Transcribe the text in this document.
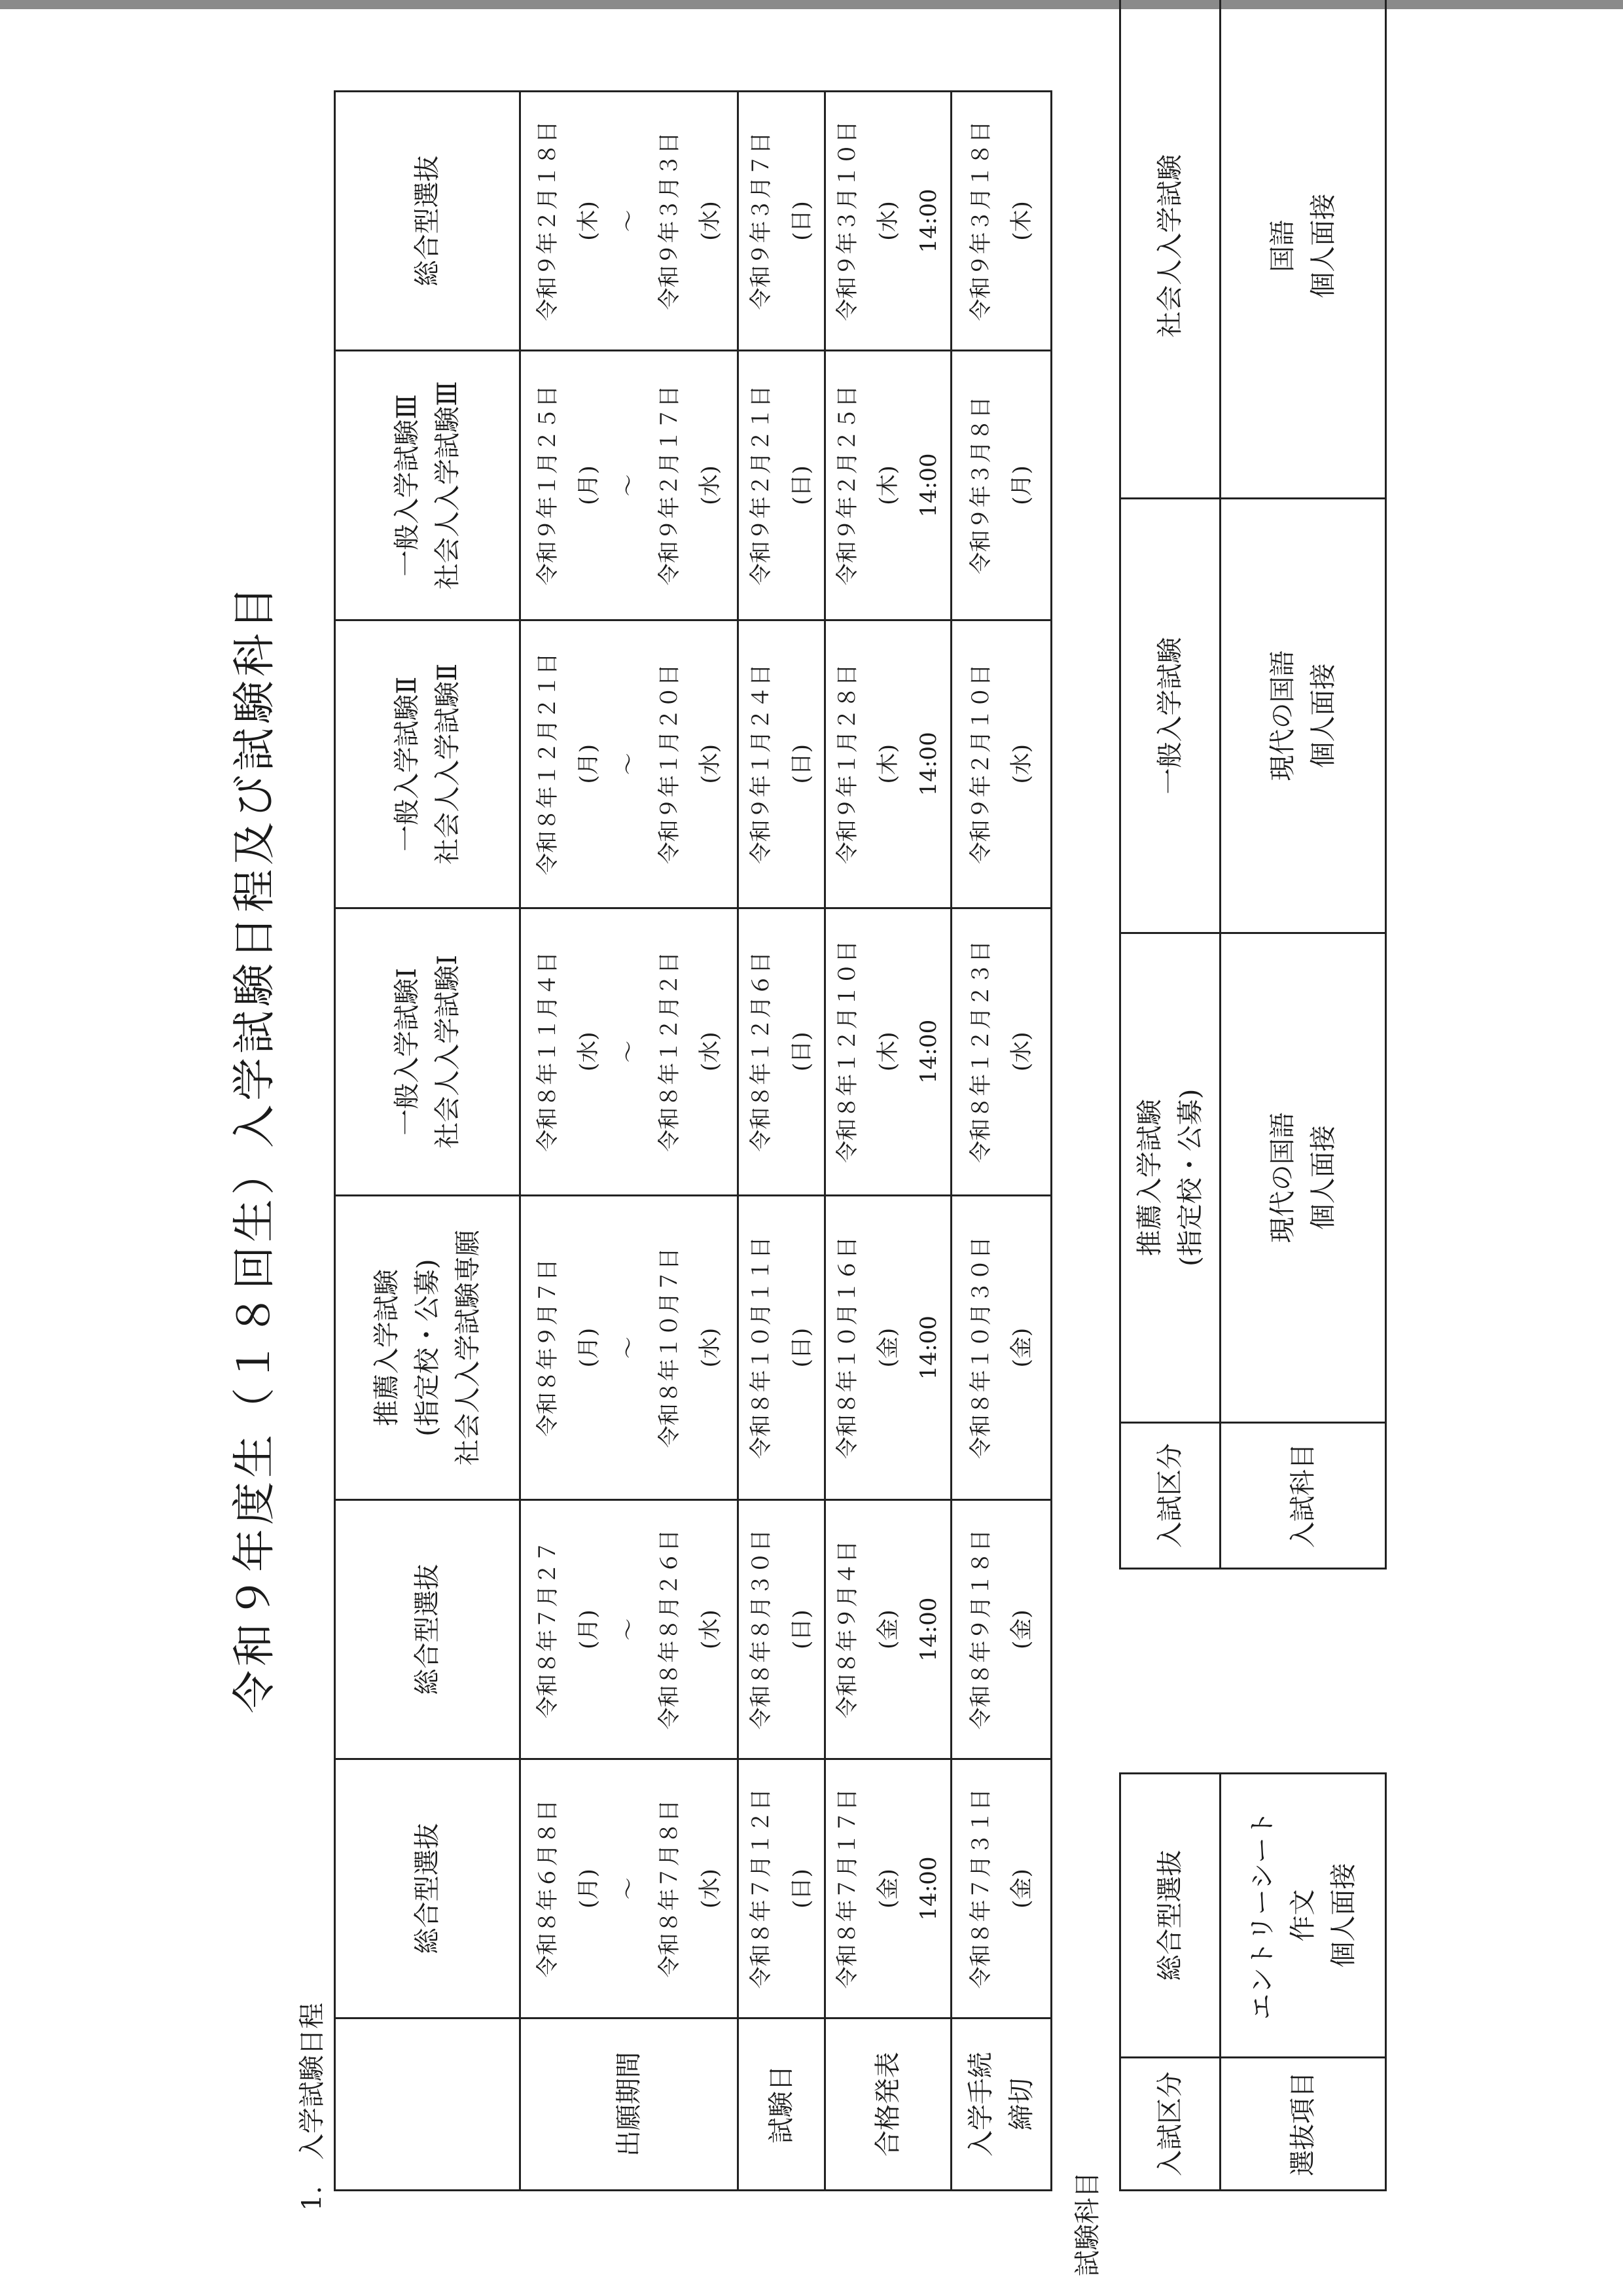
令和９年度生（１８回生）入学試験日程及び試験科目
1.　入学試験日程
	総合型選抜	総合型選抜	推薦入学試験 (指定校・公募) 社会人入学試験専願	一般入学試験Ⅰ 社会人入学試験Ⅰ	一般入学試験Ⅱ 社会人入学試験Ⅱ	一般入学試験Ⅲ 社会人入学試験Ⅲ	総合型選抜
出願期間	令和８年６月８日 (月) ～ 令和８年７月８日 (水)	令和８年７月２７ (月) ～ 令和８年８月２６日 (水)	令和８年９月７日 (月) ～ 令和８年１０月７日 (水)	令和８年１１月４日 (水) ～ 令和８年１２月２日 (水)	令和８年１２月２１日 (月) ～ 令和９年１月２０日 (水)	令和９年１月２５日 (月) ～ 令和９年２月１７日 (水)	令和９年２月１８日 (木) ～ 令和９年３月３日 (水)
試験日	令和８年７月１２日 (日)	令和８年８月３０日 (日)	令和８年１０月１１日 (日)	令和８年１２月６日 (日)	令和９年１月２４日 (日)	令和９年２月２１日 (日)	令和９年３月７日 (日)
合格発表	令和８年７月１７日 (金) 14:00	令和８年９月４日 (金) 14:00	令和８年１０月１６日 (金) 14:00	令和８年１２月１０日 (木) 14:00	令和９年１月２８日 (木) 14:00	令和９年２月２５日 (木) 14:00	令和９年３月１０日 (水) 14:00
入学手続 締切	令和８年７月３１日 (金)	令和８年９月１８日 (金)	令和８年１０月３０日 (金)	令和８年１２月２３日 (水)	令和９年２月１０日 (水)	令和９年３月８日 (月)	令和９年３月１８日 (木)
試験科目
入試区分	総合型選抜
選抜項目	エントリーシート 作文 個人面接
入試区分	推薦入学試験 (指定校・公募)	一般入学試験	社会人入学試験
入試科目	現代の国語 個人面接	現代の国語 個人面接	国語 個人面接
